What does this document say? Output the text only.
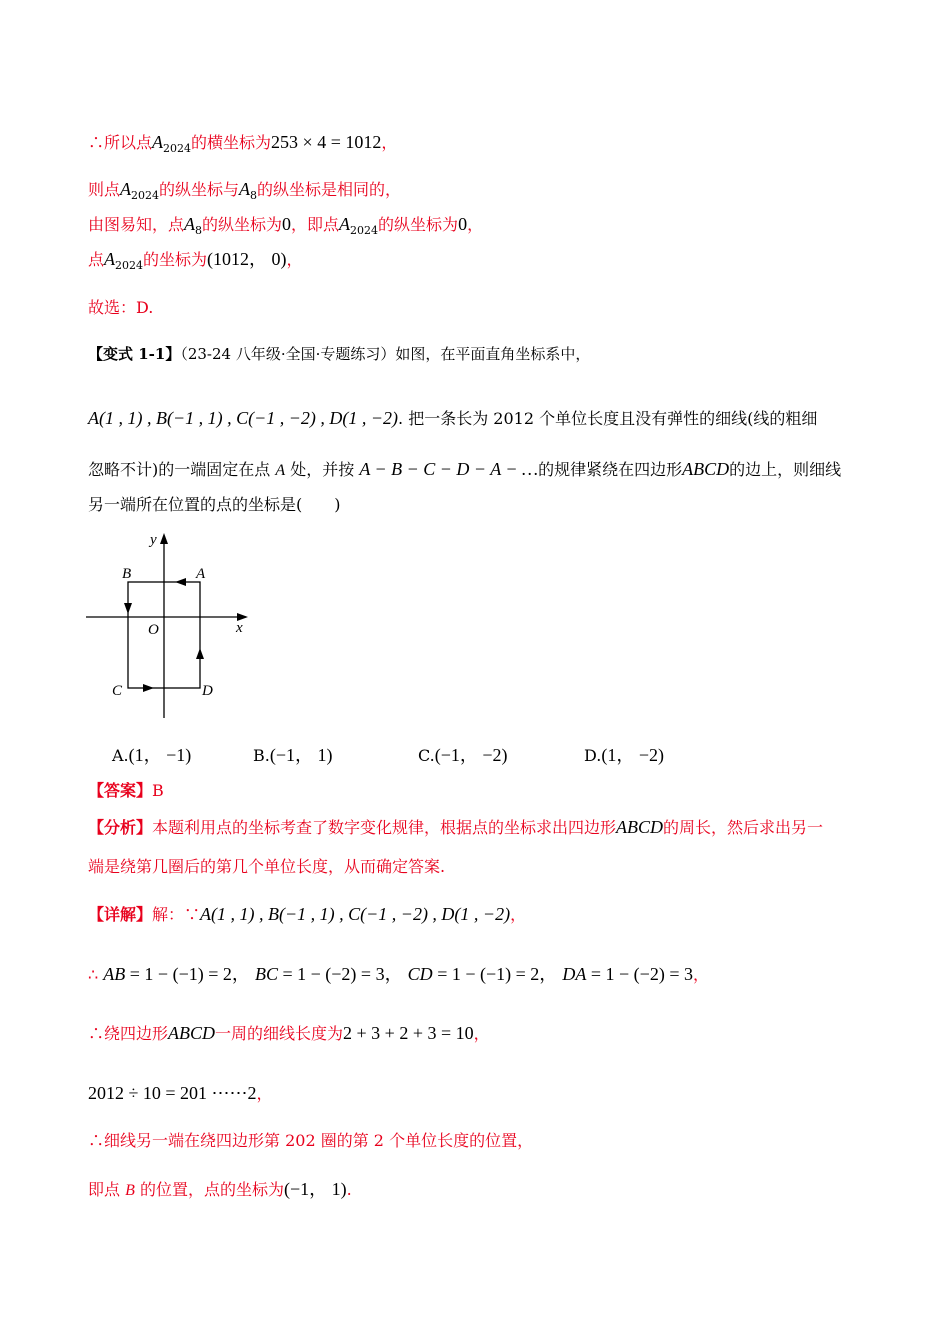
∴所以点$A_{2024}$的横坐标为253 × 4 = 1012，
则点$A_{2024}$的纵坐标与$A_8$的纵坐标是相同的，
由图易知，点$A_8$的纵坐标为0，即点$A_{2024}$的纵坐标为0，
点$A_{2024}$的坐标为(1012， 0)，
故选：D.
【变式 1-1】（23-24 八年级·全国·专题练习）如图，在平面直角坐标系中，
A(1 , 1) , B(−1 , 1) , C(−1 , −2) , D(1 , −2). 把一条长为 2012 个单位长度且没有弹性的细线(线的粗细
忽略不计)的一端固定在点 A 处，并按 A − B − C − D − A − …的规律紧绕在四边形ABCD的边上，则细线
另一端所在位置的点的坐标是(　　)
y
x
O
A
B
C	D
A.(1， −1)	B.(−1， 1)	C.(−1， −2)	D.(1， −2)
【答案】B
【分析】本题利用点的坐标考查了数字变化规律，根据点的坐标求出四边形ABCD的周长，然后求出另一
端是绕第几圈后的第几个单位长度，从而确定答案.
【详解】解：∵A(1 , 1) , B(−1 , 1) , C(−1 , −2) , D(1 , −2)，
∴ AB = 1 − (−1) = 2， BC = 1 − (−2) = 3， CD = 1 − (−1) = 2， DA = 1 − (−2) = 3，
∴绕四边形ABCD一周的细线长度为2 + 3 + 2 + 3 = 10，
2012 ÷ 10 = 201 ⋯⋯2，
∴细线另一端在绕四边形第 202 圈的第 2 个单位长度的位置，
即点 B 的位置，点的坐标为(−1， 1).
